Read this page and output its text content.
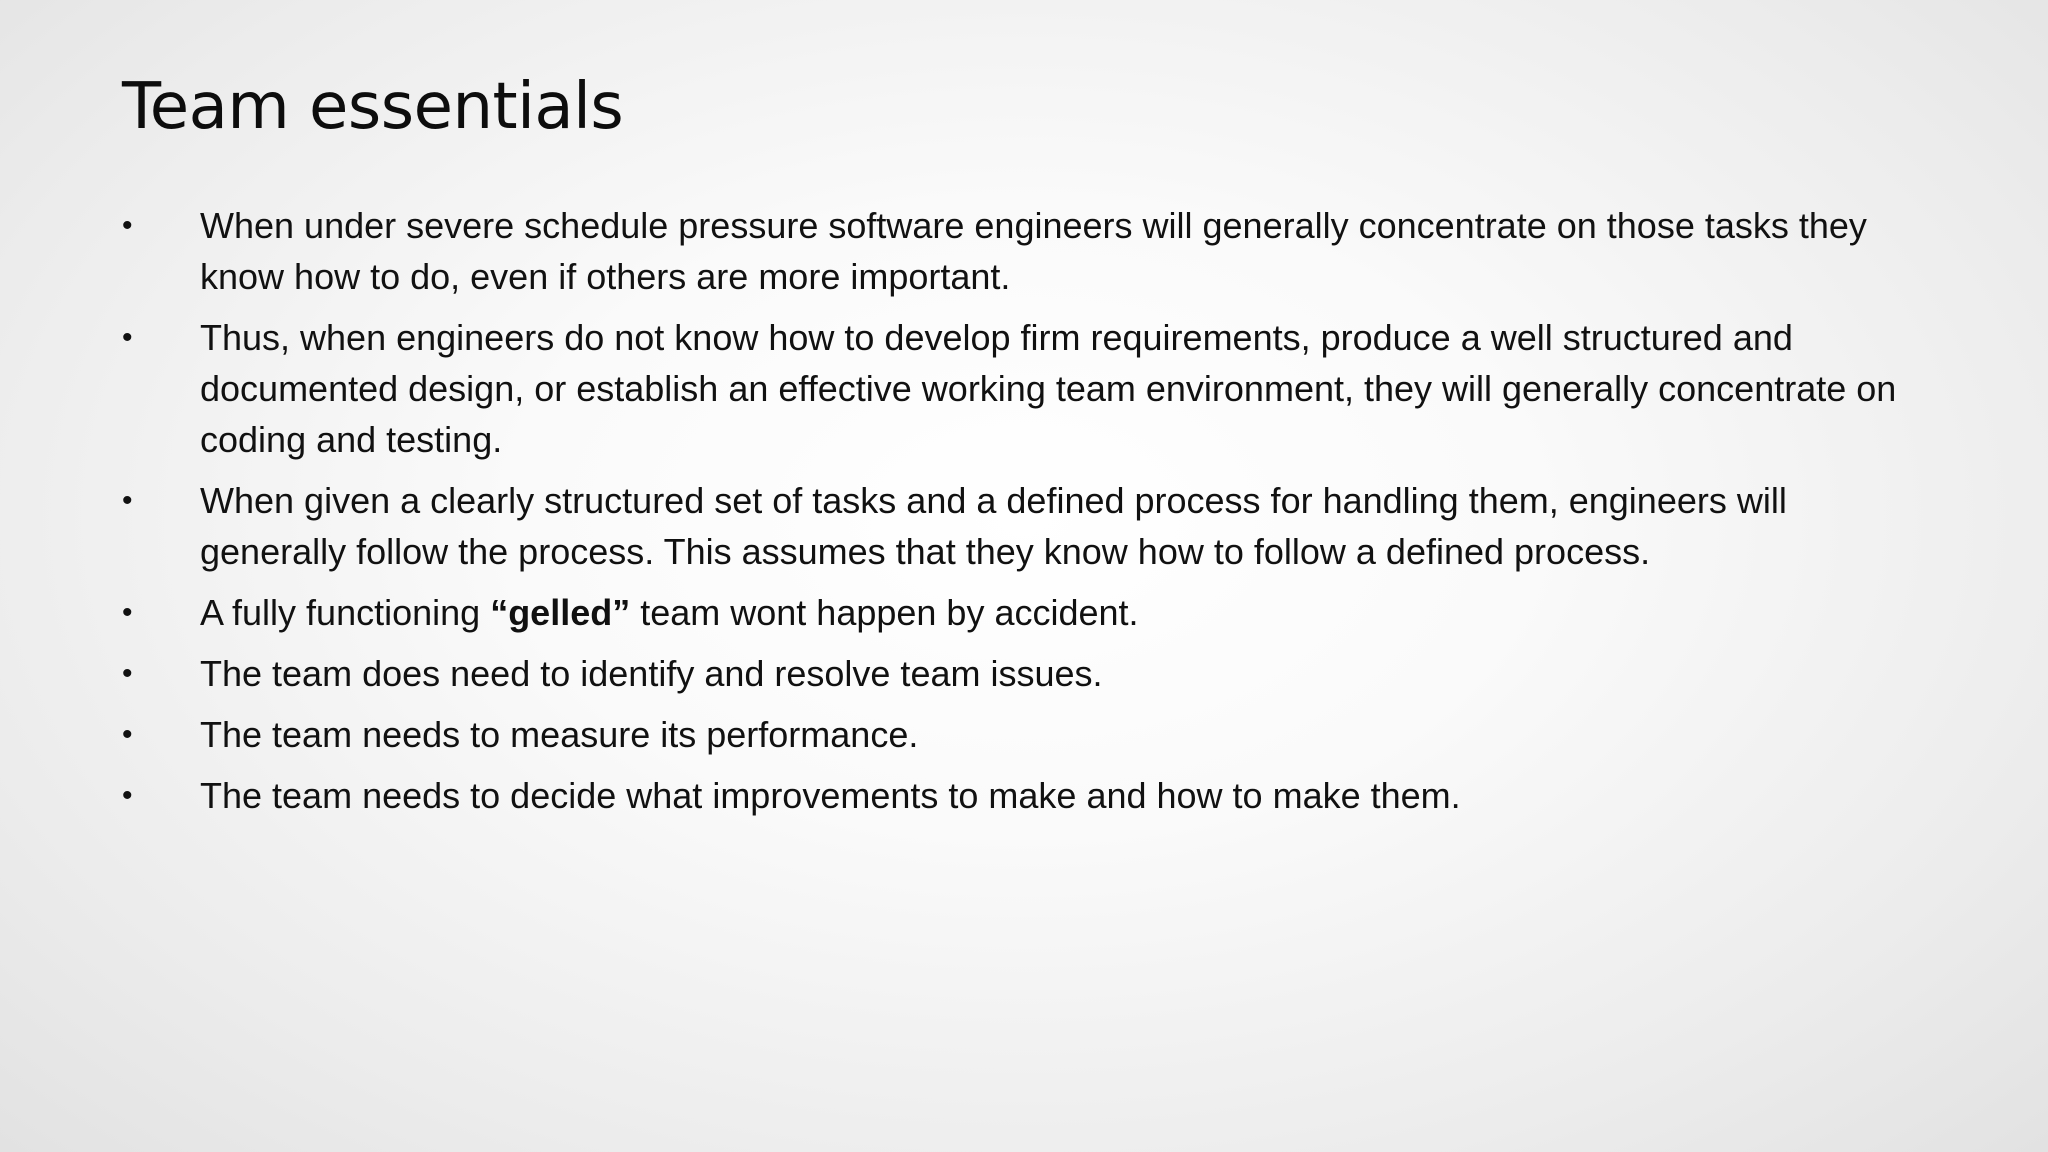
Team essentials
• When under severe schedule pressure software engineers will generally concentrate on those tasks they know how to do, even if others are more important.
• Thus, when engineers do not know how to develop firm requirements, produce a well structured and documented design, or establish an effective working team environment, they will generally concentrate on coding and testing.
• When given a clearly structured set of tasks and a defined process for handling them, engineers will generally follow the process. This assumes that they know how to follow a defined process.
• A fully functioning “gelled” team wont happen by accident.
• The team does need to identify and resolve team issues.
• The team needs to measure its performance.
• The team needs to decide what improvements to make and how to make them.
